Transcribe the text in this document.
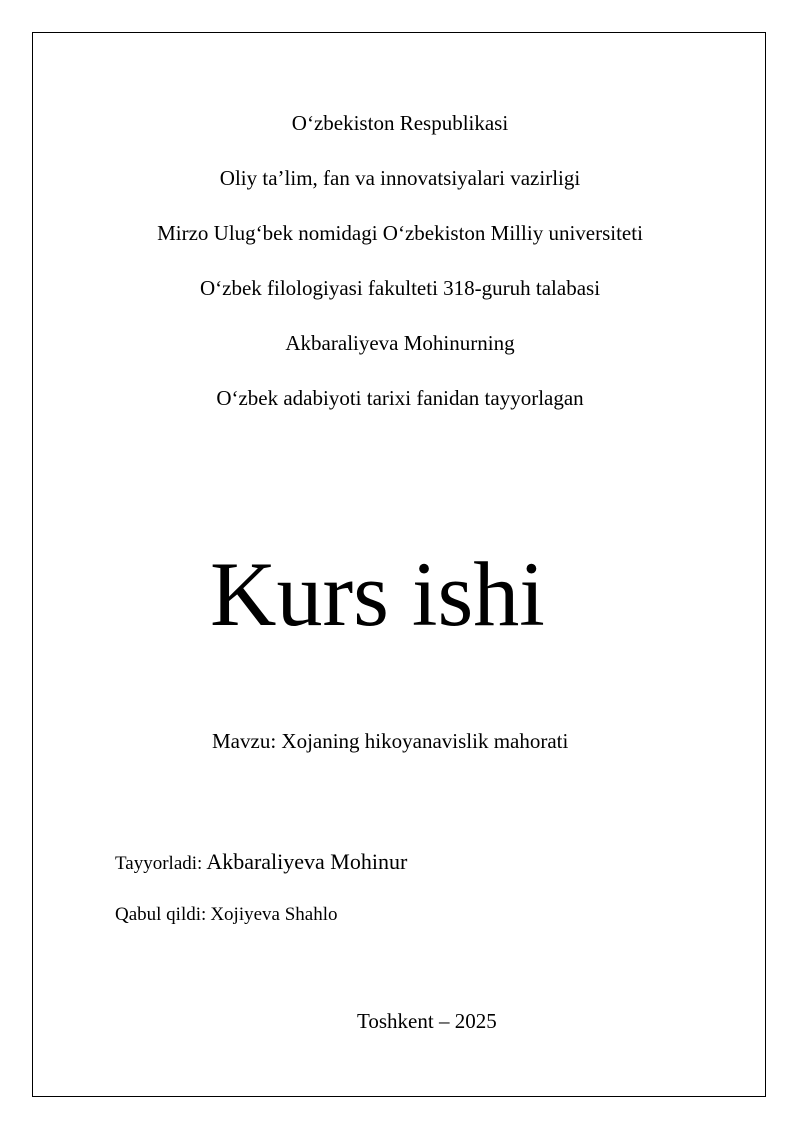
O‘zbekiston Respublikasi
Oliy ta’lim, fan va innovatsiyalari vazirligi
Mirzo Ulug‘bek nomidagi O‘zbekiston Milliy universiteti
O‘zbek filologiyasi fakulteti 318-guruh talabasi
Akbaraliyeva Mohinurning
O‘zbek adabiyoti tarixi fanidan tayyorlagan
Kurs ishi
Mavzu: Xojaning hikoyanavislik mahorati
Tayyorladi: Akbaraliyeva Mohinur
Qabul qildi: Xojiyeva Shahlo
Toshkent – 2025
